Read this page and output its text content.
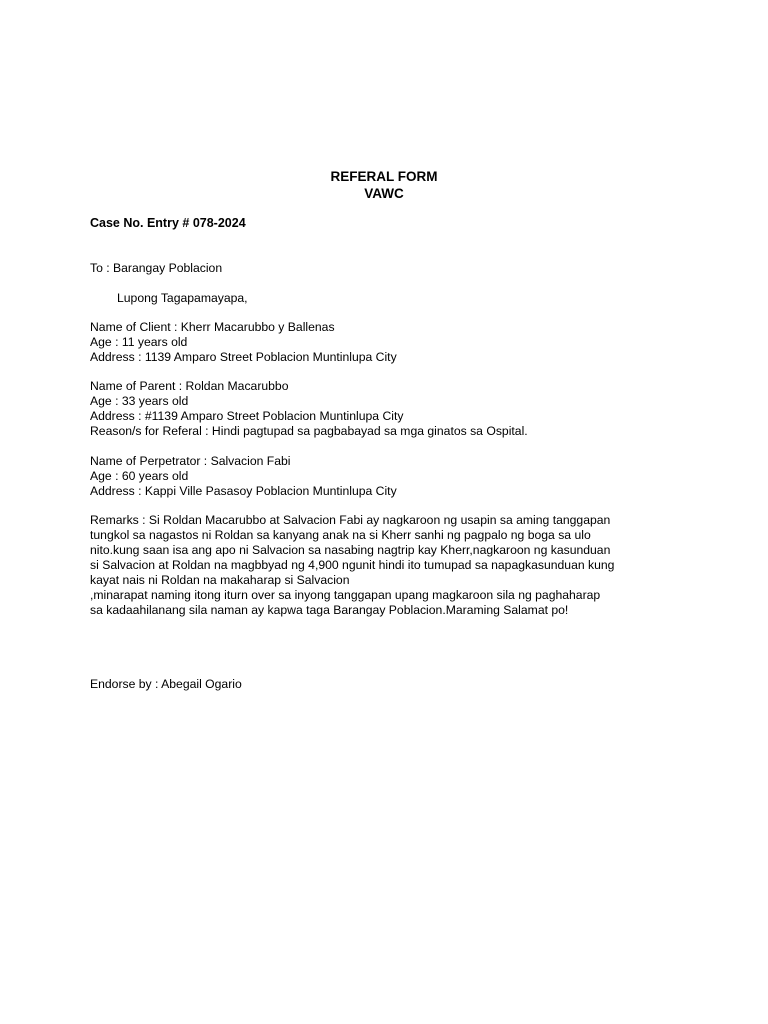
REFERAL FORM
VAWC
Case No. Entry # 078-2024
To : Barangay Poblacion
Lupong Tagapamayapa,
Name of Client : Kherr Macarubbo y Ballenas
Age : 11 years old
Address : 1139 Amparo Street Poblacion Muntinlupa City
Name of Parent : Roldan Macarubbo
Age : 33 years old
Address : #1139 Amparo Street Poblacion Muntinlupa City
Reason/s for Referal : Hindi pagtupad sa pagbabayad sa mga ginatos sa Ospital.
Name of Perpetrator : Salvacion Fabi
Age : 60 years old
Address : Kappi Ville Pasasoy Poblacion Muntinlupa City
Remarks : Si Roldan Macarubbo at Salvacion Fabi ay nagkaroon ng usapin sa aming tanggapan
tungkol sa nagastos ni Roldan sa kanyang anak na si Kherr sanhi ng pagpalo ng boga sa ulo
nito.kung saan isa ang apo ni Salvacion sa nasabing nagtrip kay Kherr,nagkaroon ng kasunduan
si Salvacion at Roldan na magbbyad ng 4,900 ngunit hindi ito tumupad sa napagkasunduan kung
kayat nais ni Roldan na makaharap si Salvacion
,minarapat naming itong iturn over sa inyong tanggapan upang magkaroon sila ng paghaharap
sa kadaahilanang sila naman ay kapwa taga Barangay Poblacion.Maraming Salamat po!
Endorse by : Abegail Ogario
